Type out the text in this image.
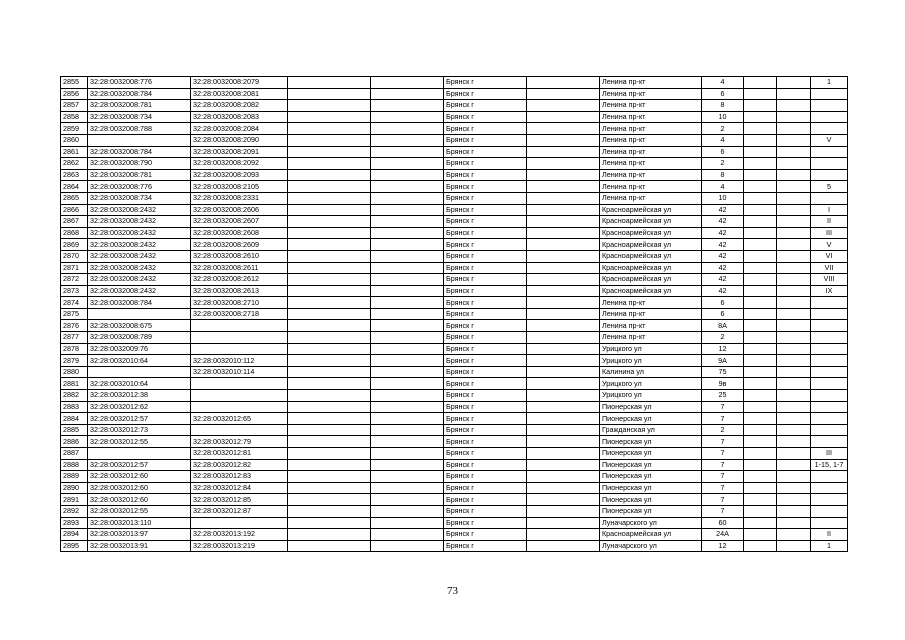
2855	32:28:0032008:776	32:28:0032008:2079			Брянск г		Ленина пр-кт	4			1
2856	32:28:0032008:784	32:28:0032008:2081			Брянск г		Ленина пр-кт	6			
2857	32:28:0032008:781	32:28:0032008:2082			Брянск г		Ленина пр-кт	8			
2858	32:28:0032008:734	32:28:0032008:2083			Брянск г		Ленина пр-кт	10			
2859	32:28:0032008:788	32:28:0032008:2084			Брянск г		Ленина пр-кт	2			
2860		32:28:0032008:2090			Брянск г		Ленина пр-кт	4			V
2861	32:28:0032008:784	32:28:0032008:2091			Брянск г		Ленина пр-кт	6			
2862	32:28:0032008:790	32:28:0032008:2092			Брянск г		Ленина пр-кт	2			
2863	32:28:0032008:781	32:28:0032008:2093			Брянск г		Ленина пр-кт	8			
2864	32:28:0032008:776	32:28:0032008:2105			Брянск г		Ленина пр-кт	4			5
2865	32:28:0032008:734	32:28:0032008:2331			Брянск г		Ленина пр-кт	10			
2866	32:28:0032008:2432	32:28:0032008:2606			Брянск г		Красноармейская ул	42			I
2867	32:28:0032008:2432	32:28:0032008:2607			Брянск г		Красноармейская ул	42			II
2868	32:28:0032008:2432	32:28:0032008:2608			Брянск г		Красноармейская ул	42			III
2869	32:28:0032008:2432	32:28:0032008:2609			Брянск г		Красноармейская ул	42			V
2870	32:28:0032008:2432	32:28:0032008:2610			Брянск г		Красноармейская ул	42			VI
2871	32:28:0032008:2432	32:28:0032008:2611			Брянск г		Красноармейская ул	42			VII
2872	32:28:0032008:2432	32:28:0032008:2612			Брянск г		Красноармейская ул	42			VIII
2873	32:28:0032008:2432	32:28:0032008:2613			Брянск г		Красноармейская ул	42			IX
2874	32:28:0032008:784	32:28:0032008:2710			Брянск г		Ленина пр-кт	6			
2875		32:28:0032008:2718			Брянск г		Ленина пр-кт	6			
2876	32:28:0032008:675				Брянск г		Ленина пр-кт	8А			
2877	32:28:0032008:789				Брянск г		Ленина пр-кт	2			
2878	32:28:0032009:76				Брянск г		Урицкого ул	12			
2879	32:28:0032010:64	32:28:0032010:112			Брянск г		Урицкого ул	9А			
2880		32:28:0032010:114			Брянск г		Калинина ул	75			
2881	32:28:0032010:64				Брянск г		Урицкого ул	9в			
2882	32:28:0032012:38				Брянск г		Урицкого ул	25			
2883	32:28:0032012:62				Брянск г		Пионерская ул	7			
2884	32:28:0032012:57	32:28:0032012:65			Брянск г		Пионерская ул	7			
2885	32:28:0032012:73				Брянск г		Гражданская ул	2			
2886	32:28:0032012:55	32:28:0032012:79			Брянск г		Пионерская ул	7			
2887		32:28:0032012:81			Брянск г		Пионерская ул	7			III
2888	32:28:0032012:57	32:28:0032012:82			Брянск г		Пионерская ул	7			1-15, 1-7
2889	32:28:0032012:60	32:28:0032012:83			Брянск г		Пионерская ул	7			
2890	32:28:0032012:60	32:28:0032012:84			Брянск г		Пионерская ул	7			
2891	32:28:0032012:60	32:28:0032012:85			Брянск г		Пионерская ул	7			
2892	32:28:0032012:55	32:28:0032012:87			Брянск г		Пионерская ул	7			
2893	32:28:0032013:110				Брянск г		Луначарского ул	60			
2894	32:28:0032013:97	32:28:0032013:192			Брянск г		Красноармейская ул	24А			II
2895	32:28:0032013:91	32:28:0032013:219			Брянск г		Луначарского ул	12			1
73
